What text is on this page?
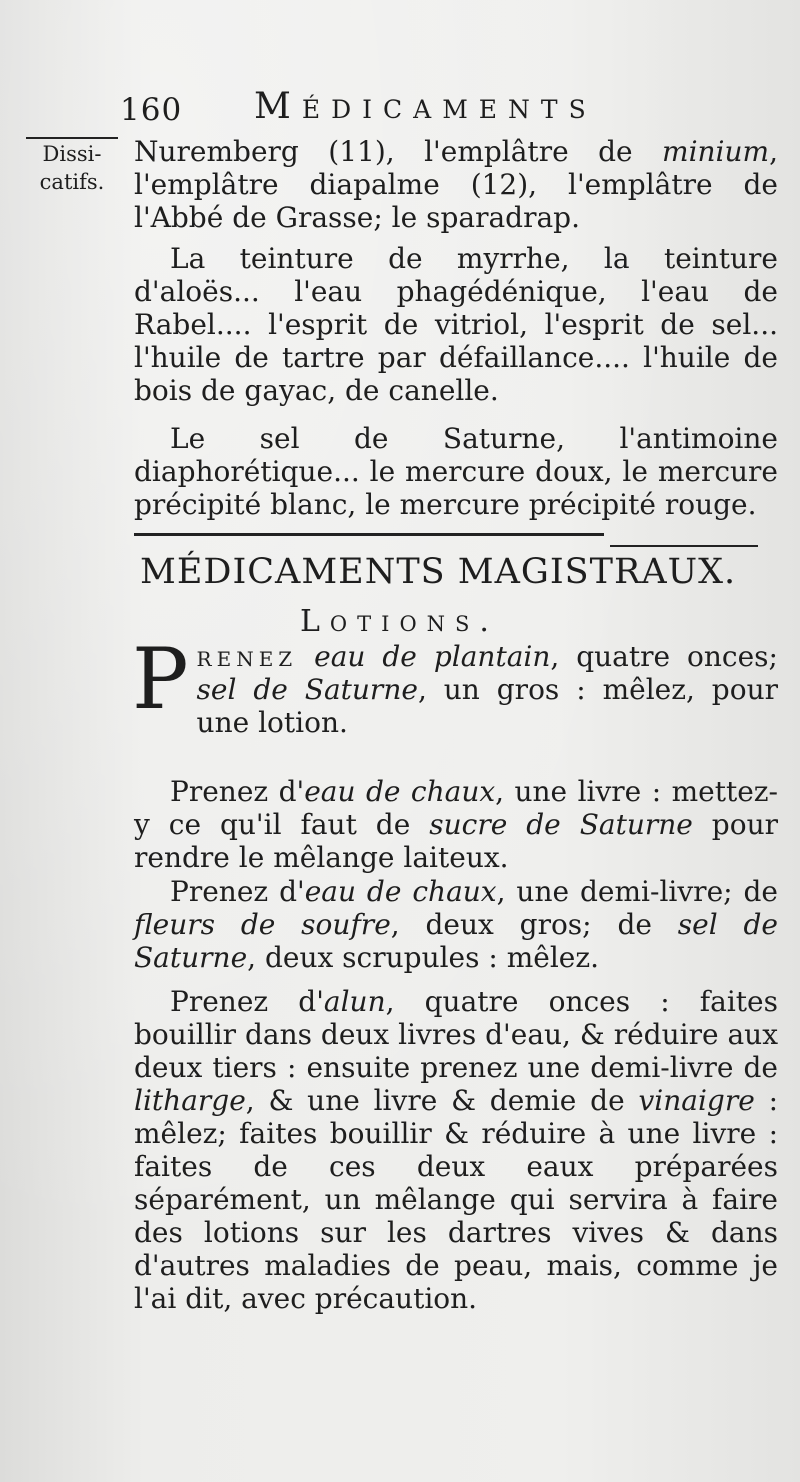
160 Médicaments
Dissi-
catifs.

Nuremberg (11), l'emplâtre de minium, l'emplâtre diapalme (12), l'emplâtre de l'Abbé de Grasse; le sparadrap.

La teinture de myrrhe, la teinture d'aloës... l'eau phagédénique, l'eau de Rabel.... l'esprit de vitriol, l'esprit de sel... l'huile de tartre par défaillance.... l'huile de bois de gayac, de canelle.

Le sel de Saturne, l'antimoine diaphorétique... le mercure doux, le mercure précipité blanc, le mercure précipité rouge.

MÉDICAMENTS MAGISTRAUX.
Lotions.

Prenez eau de plantain, quatre onces; sel de Saturne, un gros : mêlez, pour une lotion.

Prenez d'eau de chaux, une livre : mettez-y ce qu'il faut de sucre de Saturne pour rendre le mêlange laiteux.

Prenez d'eau de chaux, une demi-livre; de fleurs de soufre, deux gros; de sel de Saturne, deux scrupules : mêlez.

Prenez d'alun, quatre onces : faites bouillir dans deux livres d'eau, & réduire aux deux tiers : ensuite prenez une demi-livre de litharge, & une livre & demie de vinaigre : mêlez; faites bouillir & réduire à une livre : faites de ces deux eaux préparées séparément, un mêlange qui servira à faire des lotions sur les dartres vives & dans d'autres maladies de peau, mais, comme je l'ai dit, avec précaution.
